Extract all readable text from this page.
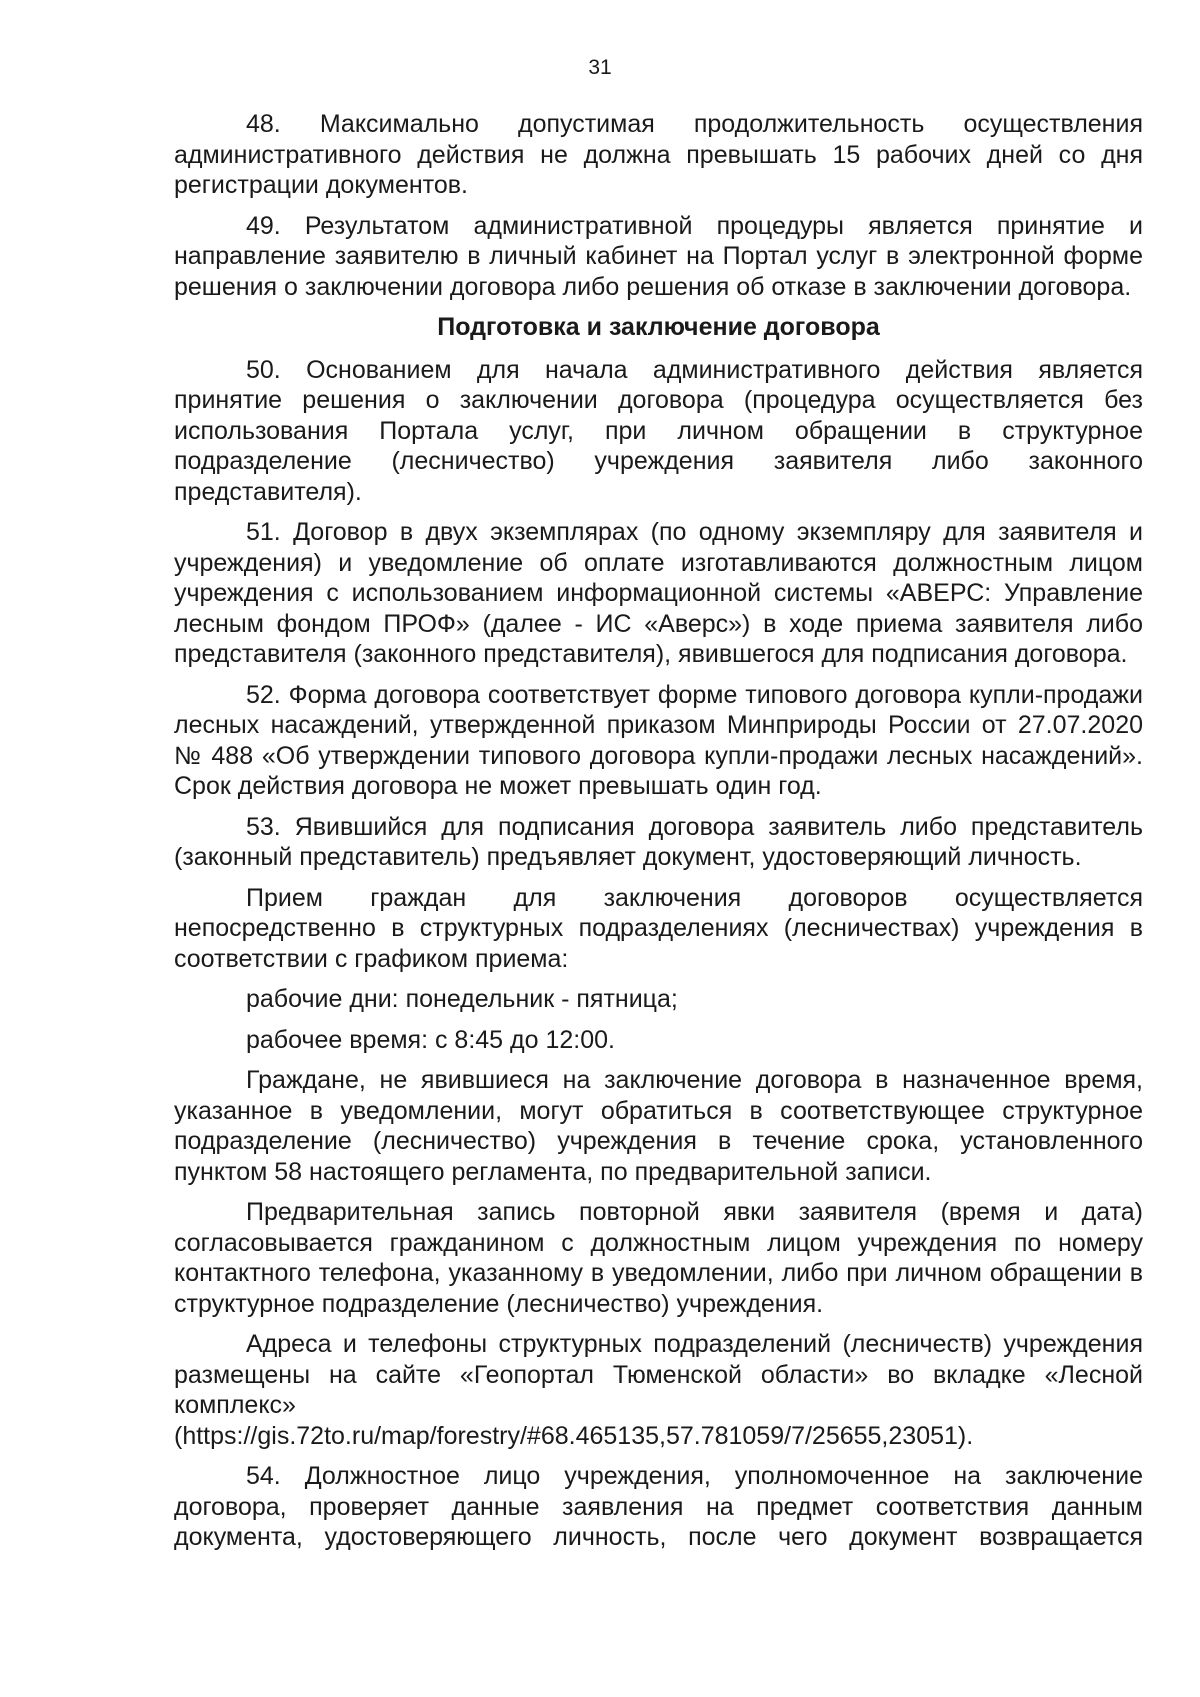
31

48. Максимально допустимая продолжительность осуществления административного действия не должна превышать 15 рабочих дней со дня регистрации документов.

49. Результатом административной процедуры является принятие и направление заявителю в личный кабинет на Портал услуг в электронной форме решения о заключении договора либо решения об отказе в заключении договора.

Подготовка и заключение договора

50. Основанием для начала административного действия является принятие решения о заключении договора (процедура осуществляется без использования Портала услуг, при личном обращении в структурное подразделение (лесничество) учреждения заявителя либо законного представителя).

51. Договор в двух экземплярах (по одному экземпляру для заявителя и учреждения) и уведомление об оплате изготавливаются должностным лицом учреждения с использованием информационной системы «АВЕРС: Управление лесным фондом ПРОФ» (далее - ИС «Аверс») в ходе приема заявителя либо представителя (законного представителя), явившегося для подписания договора.

52. Форма договора соответствует форме типового договора купли-продажи лесных насаждений, утвержденной приказом Минприроды России от 27.07.2020 № 488 «Об утверждении типового договора купли-продажи лесных насаждений». Срок действия договора не может превышать один год.

53. Явившийся для подписания договора заявитель либо представитель (законный представитель) предъявляет документ, удостоверяющий личность.

Прием граждан для заключения договоров осуществляется непосредственно в структурных подразделениях (лесничествах) учреждения в соответствии с графиком приема:

рабочие дни: понедельник - пятница;

рабочее время: с 8:45 до 12:00.

Граждане, не явившиеся на заключение договора в назначенное время, указанное в уведомлении, могут обратиться в соответствующее структурное подразделение (лесничество) учреждения в течение срока, установленного пунктом 58 настоящего регламента, по предварительной записи.

Предварительная запись повторной явки заявителя (время и дата) согласовывается гражданином с должностным лицом учреждения по номеру контактного телефона, указанному в уведомлении, либо при личном обращении в структурное подразделение (лесничество) учреждения.

Адреса и телефоны структурных подразделений (лесничеств) учреждения размещены на сайте «Геопортал Тюменской области» во вкладке «Лесной комплекс»
(https://gis.72to.ru/map/forestry/#68.465135,57.781059/7/25655,23051).

54. Должностное лицо учреждения, уполномоченное на заключение договора, проверяет данные заявления на предмет соответствия данным документа, удостоверяющего личность, после чего документ возвращается
